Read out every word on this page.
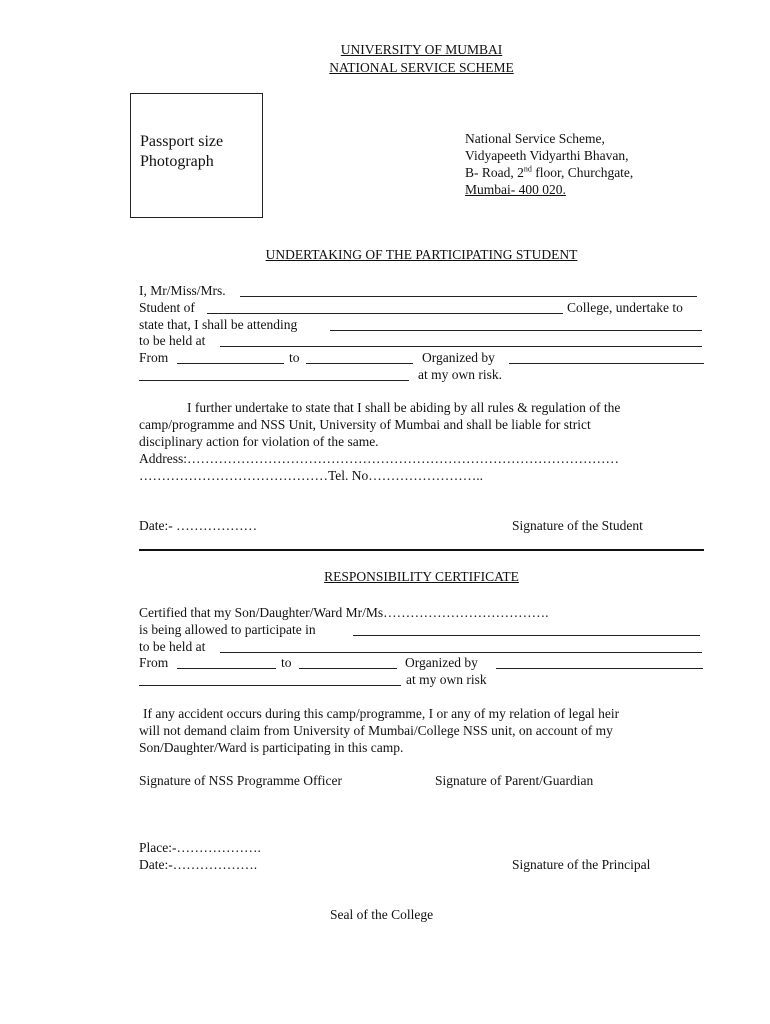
UNIVERSITY OF MUMBAI
NATIONAL SERVICE SCHEME
Passport size
Photograph
National Service Scheme,
Vidyapeeth Vidyarthi Bhavan,
B- Road, 2nd floor, Churchgate,
Mumbai- 400 020.
UNDERTAKING OF THE PARTICIPATING STUDENT
I, Mr/Miss/Mrs.
Student of	College, undertake to
state that, I shall be attending
to be held at
From	to	Organized by
at my own risk.
I further undertake to state that I shall be abiding by all rules & regulation of the
camp/programme and NSS Unit, University of Mumbai and shall be liable for strict
disciplinary action for violation of the same.
Address:……………………………………………………………………………………
……………………………………Tel. No……………………..
Date:- ………………	Signature of the Student
RESPONSIBILITY CERTIFICATE
Certified that my Son/Daughter/Ward Mr/Ms……………………………….
is being allowed to participate in
to be held at
From	to	Organized by
at my own risk
If any accident occurs during this camp/programme, I or any of my relation of legal heir
will not demand claim from University of Mumbai/College NSS unit, on account of my
Son/Daughter/Ward is participating in this camp.
Signature of NSS Programme Officer	Signature of Parent/Guardian
Place:-……………….
Date:-……………….	Signature of the Principal
Seal of the College
